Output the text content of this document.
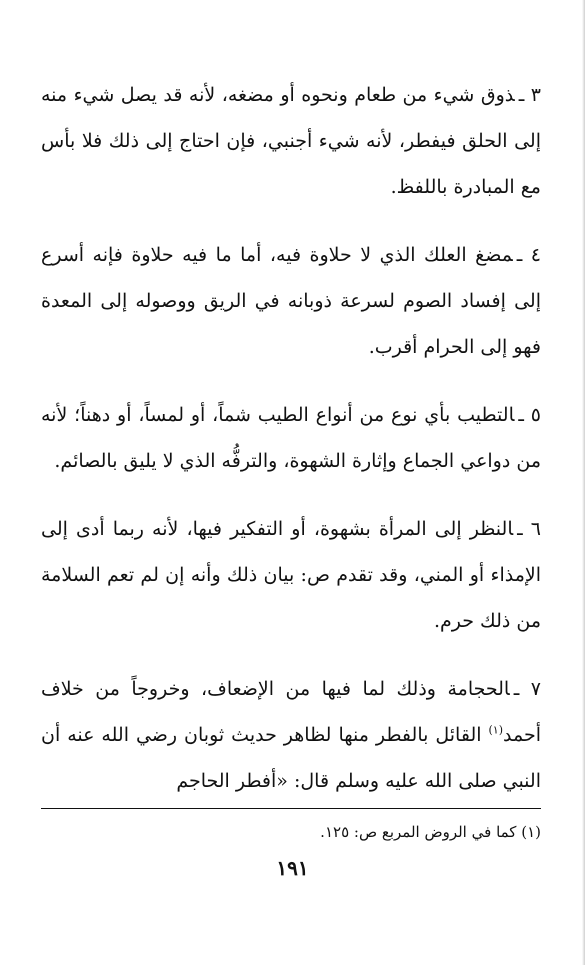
٣ ـذوق شيء من طعام ونحوه أو مضغه، لأنه قد يصل شيء منه إلى الحلق فيفطر، لأنه شيء أجنبي، فإن احتاج إلى ذلك فلا بأس مع المبادرة باللفظ.

٤ ـمضغ العلك الذي لا حلاوة فيه، أما ما فيه حلاوة فإنه أسرع إلى إفساد الصوم لسرعة ذوبانه في الريق ووصوله إلى المعدة فهو إلى الحرام أقرب.

٥ ـالتطيب بأي نوع من أنواع الطيب شماً، أو لمساً، أو دهناً؛ لأنه من دواعي الجماع وإثارة الشهوة، والترفُّه الذي لا يليق بالصائم.

٦ ـالنظر إلى المرأة بشهوة، أو التفكير فيها، لأنه ربما أدى إلى الإمذاء أو المني، وقد تقدم ص: بيان ذلك وأنه إن لم تعم السلامة من ذلك حرم.

٧ ـالحجامة وذلك لما فيها من الإضعاف، وخروجاً من خلاف أحمد$^{(١)}$ القائل بالفطر منها لظاهر حديث ثوبان رضي الله عنه أن النبي صلى الله عليه وسلم قال: «أفطر الحاجم

(١) كما في الروض المربع ص: ١٢٥.

١٩١
